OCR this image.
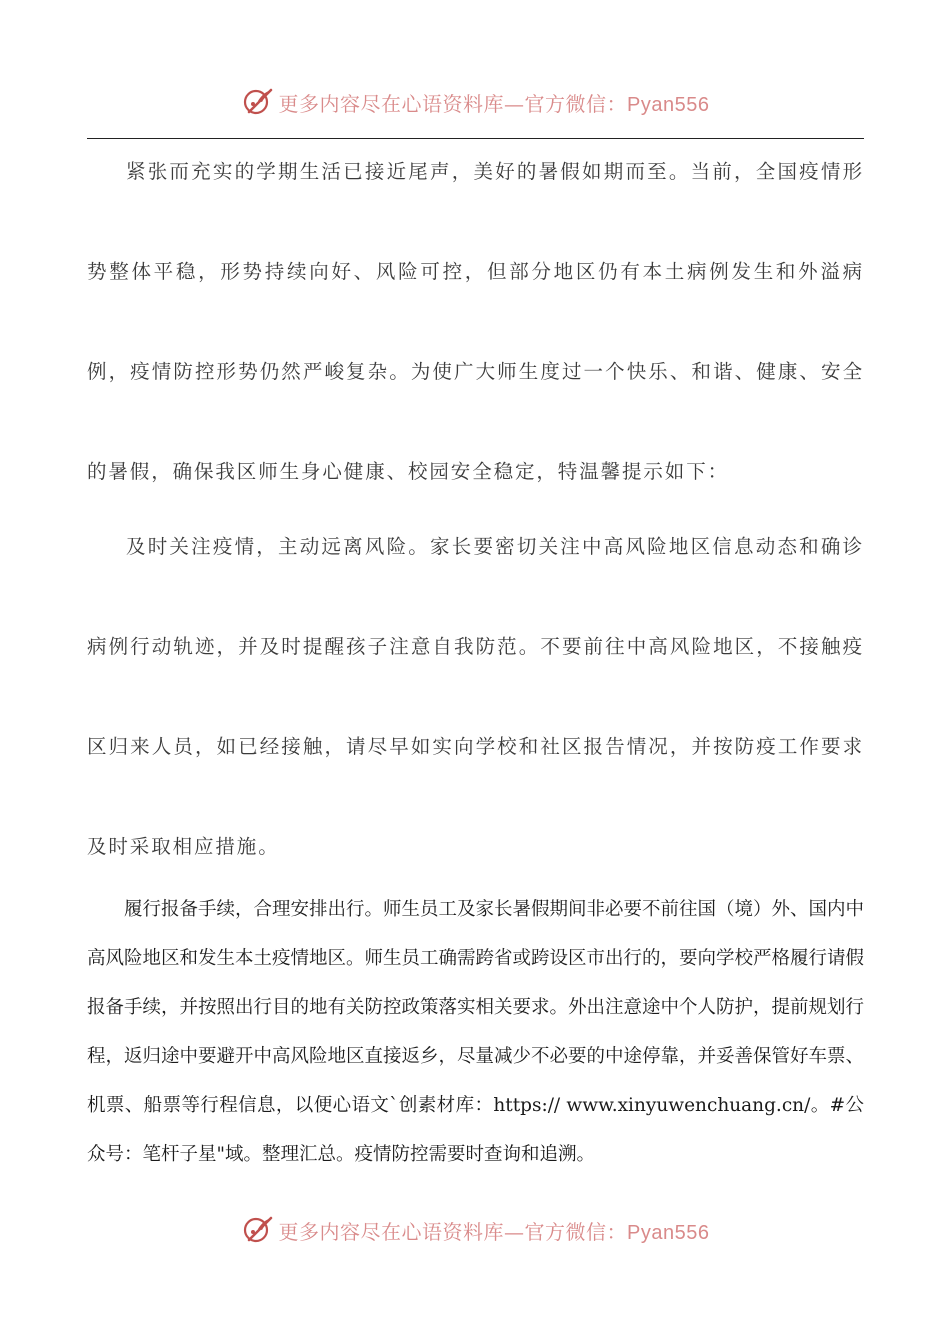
更多内容尽在心语资料库—官方微信：Pyan556

紧张而充实的学期生活已接近尾声，美好的暑假如期而至。当前，全国疫情形势整体平稳，形势持续向好、风险可控，但部分地区仍有本土病例发生和外溢病例，疫情防控形势仍然严峻复杂。为使广大师生度过一个快乐、和谐、健康、安全的暑假，确保我区师生身心健康、校园安全稳定，特温馨提示如下：

及时关注疫情，主动远离风险。家长要密切关注中高风险地区信息动态和确诊病例行动轨迹，并及时提醒孩子注意自我防范。不要前往中高风险地区，不接触疫区归来人员，如已经接触，请尽早如实向学校和社区报告情况，并按防疫工作要求及时采取相应措施。

履行报备手续，合理安排出行。师生员工及家长暑假期间非必要不前往国（境）外、国内中高风险地区和发生本土疫情地区。师生员工确需跨省或跨设区市出行的，要向学校严格履行请假报备手续，并按照出行目的地有关防控政策落实相关要求。外出注意途中个人防护，提前规划行程，返归途中要避开中高风险地区直接返乡，尽量减少不必要的中途停靠，并妥善保管好车票、机票、船票等行程信息，以便心语文`创素材库：https:// www.xinyuwenchuang.cn/。#公众号：笔杆子星"域。整理汇总。疫情防控需要时查询和追溯。

更多内容尽在心语资料库—官方微信：Pyan556
